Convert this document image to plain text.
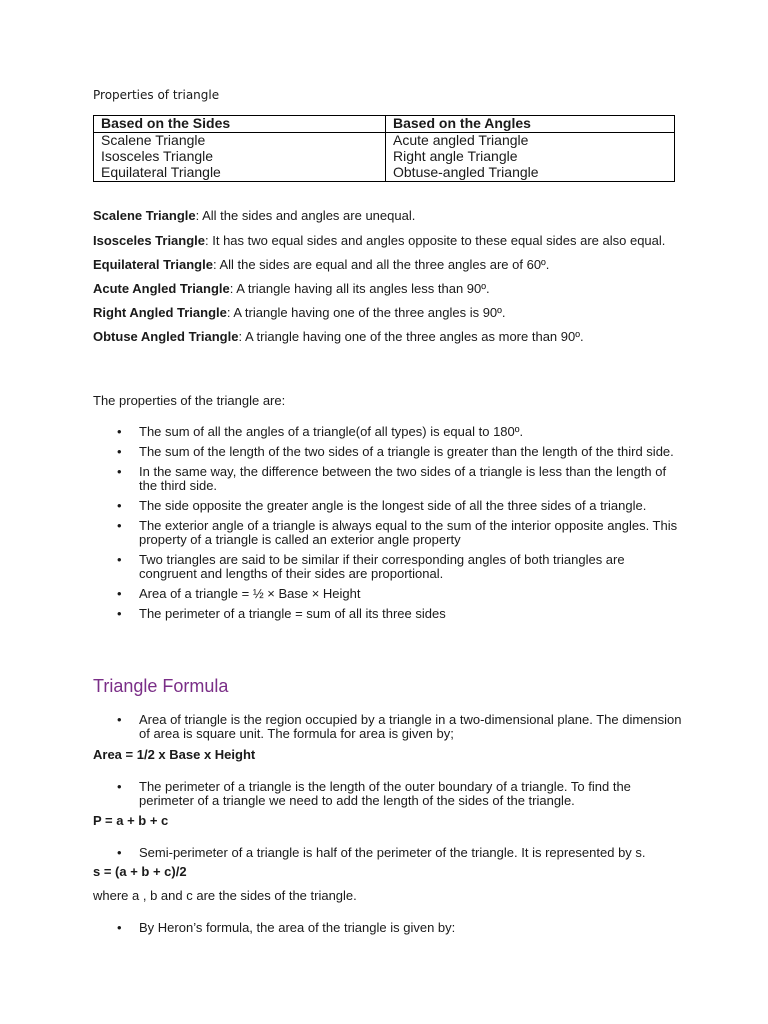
Properties of triangle
Based on the Sides	Based on the Angles
Scalene Triangle	Acute angled Triangle
Isosceles Triangle	Right angle Triangle
Equilateral Triangle	Obtuse-angled Triangle

Scalene Triangle: All the sides and angles are unequal.

Isosceles Triangle: It has two equal sides and angles opposite to these equal sides are also equal.

Equilateral Triangle: All the sides are equal and all the three angles are of 60º.

Acute Angled Triangle: A triangle having all its angles less than 90º.

Right Angled Triangle: A triangle having one of the three angles is 90º.

Obtuse Angled Triangle: A triangle having one of the three angles as more than 90º.

The properties of the triangle are:
• The sum of all the angles of a triangle(of all types) is equal to 180º.
• The sum of the length of the two sides of a triangle is greater than the length of the third side.
• In the same way, the difference between the two sides of a triangle is less than the length of the third side.
• The side opposite the greater angle is the longest side of all the three sides of a triangle.
• The exterior angle of a triangle is always equal to the sum of the interior opposite angles. This property of a triangle is called an exterior angle property
• Two triangles are said to be similar if their corresponding angles of both triangles are congruent and lengths of their sides are proportional.
• Area of a triangle = ½ × Base × Height
• The perimeter of a triangle = sum of all its three sides
Triangle Formula
• Area of triangle is the region occupied by a triangle in a two-dimensional plane. The dimension of area is square unit. The formula for area is given by;
Area = 1/2 x Base x Height
• The perimeter of a triangle is the length of the outer boundary of a triangle. To find the perimeter of a triangle we need to add the length of the sides of the triangle.
P = a + b + c
• Semi-perimeter of a triangle is half of the perimeter of the triangle. It is represented by s.
s = (a + b + c)/2
where a , b and c are the sides of the triangle.
• By Heron’s formula, the area of the triangle is given by:
